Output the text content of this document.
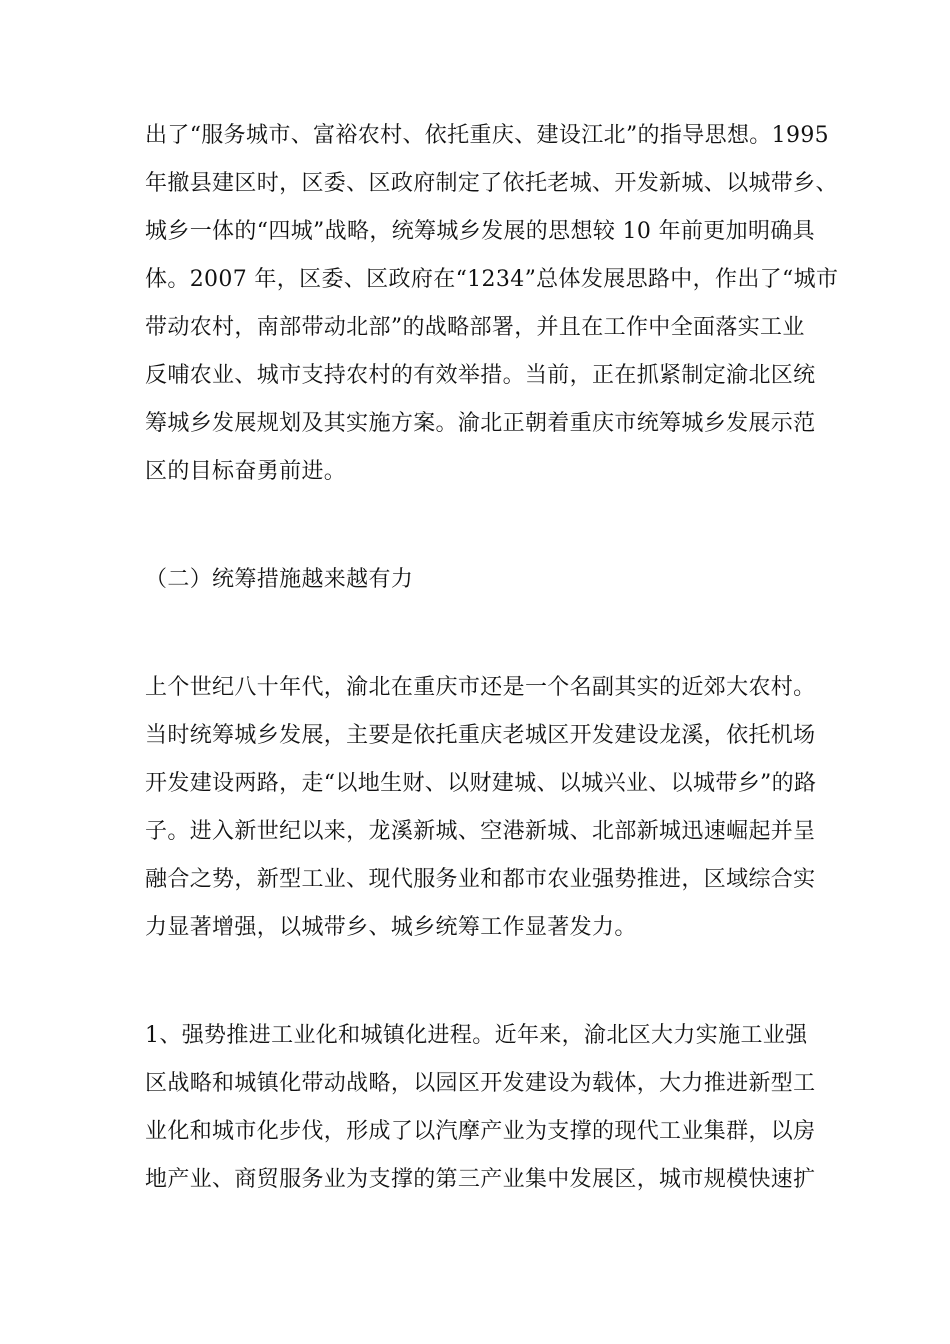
出了“服务城市、富裕农村、依托重庆、建设江北”的指导思想。1995
年撤县建区时，区委、区政府制定了依托老城、开发新城、以城带乡、
城乡一体的“四城”战略，统筹城乡发展的思想较 10 年前更加明确具
体。2007 年，区委、区政府在“1234”总体发展思路中，作出了“城市
带动农村，南部带动北部”的战略部署，并且在工作中全面落实工业
反哺农业、城市支持农村的有效举措。当前，正在抓紧制定渝北区统
筹城乡发展规划及其实施方案。渝北正朝着重庆市统筹城乡发展示范
区的目标奋勇前进。
（二）统筹措施越来越有力
上个世纪八十年代，渝北在重庆市还是一个名副其实的近郊大农村。
当时统筹城乡发展，主要是依托重庆老城区开发建设龙溪，依托机场
开发建设两路，走“以地生财、以财建城、以城兴业、以城带乡”的路
子。进入新世纪以来，龙溪新城、空港新城、北部新城迅速崛起并呈
融合之势，新型工业、现代服务业和都市农业强势推进，区域综合实
力显著增强，以城带乡、城乡统筹工作显著发力。
1、强势推进工业化和城镇化进程。近年来，渝北区大力实施工业强
区战略和城镇化带动战略，以园区开发建设为载体，大力推进新型工
业化和城市化步伐，形成了以汽摩产业为支撑的现代工业集群，以房
地产业、商贸服务业为支撑的第三产业集中发展区，城市规模快速扩
